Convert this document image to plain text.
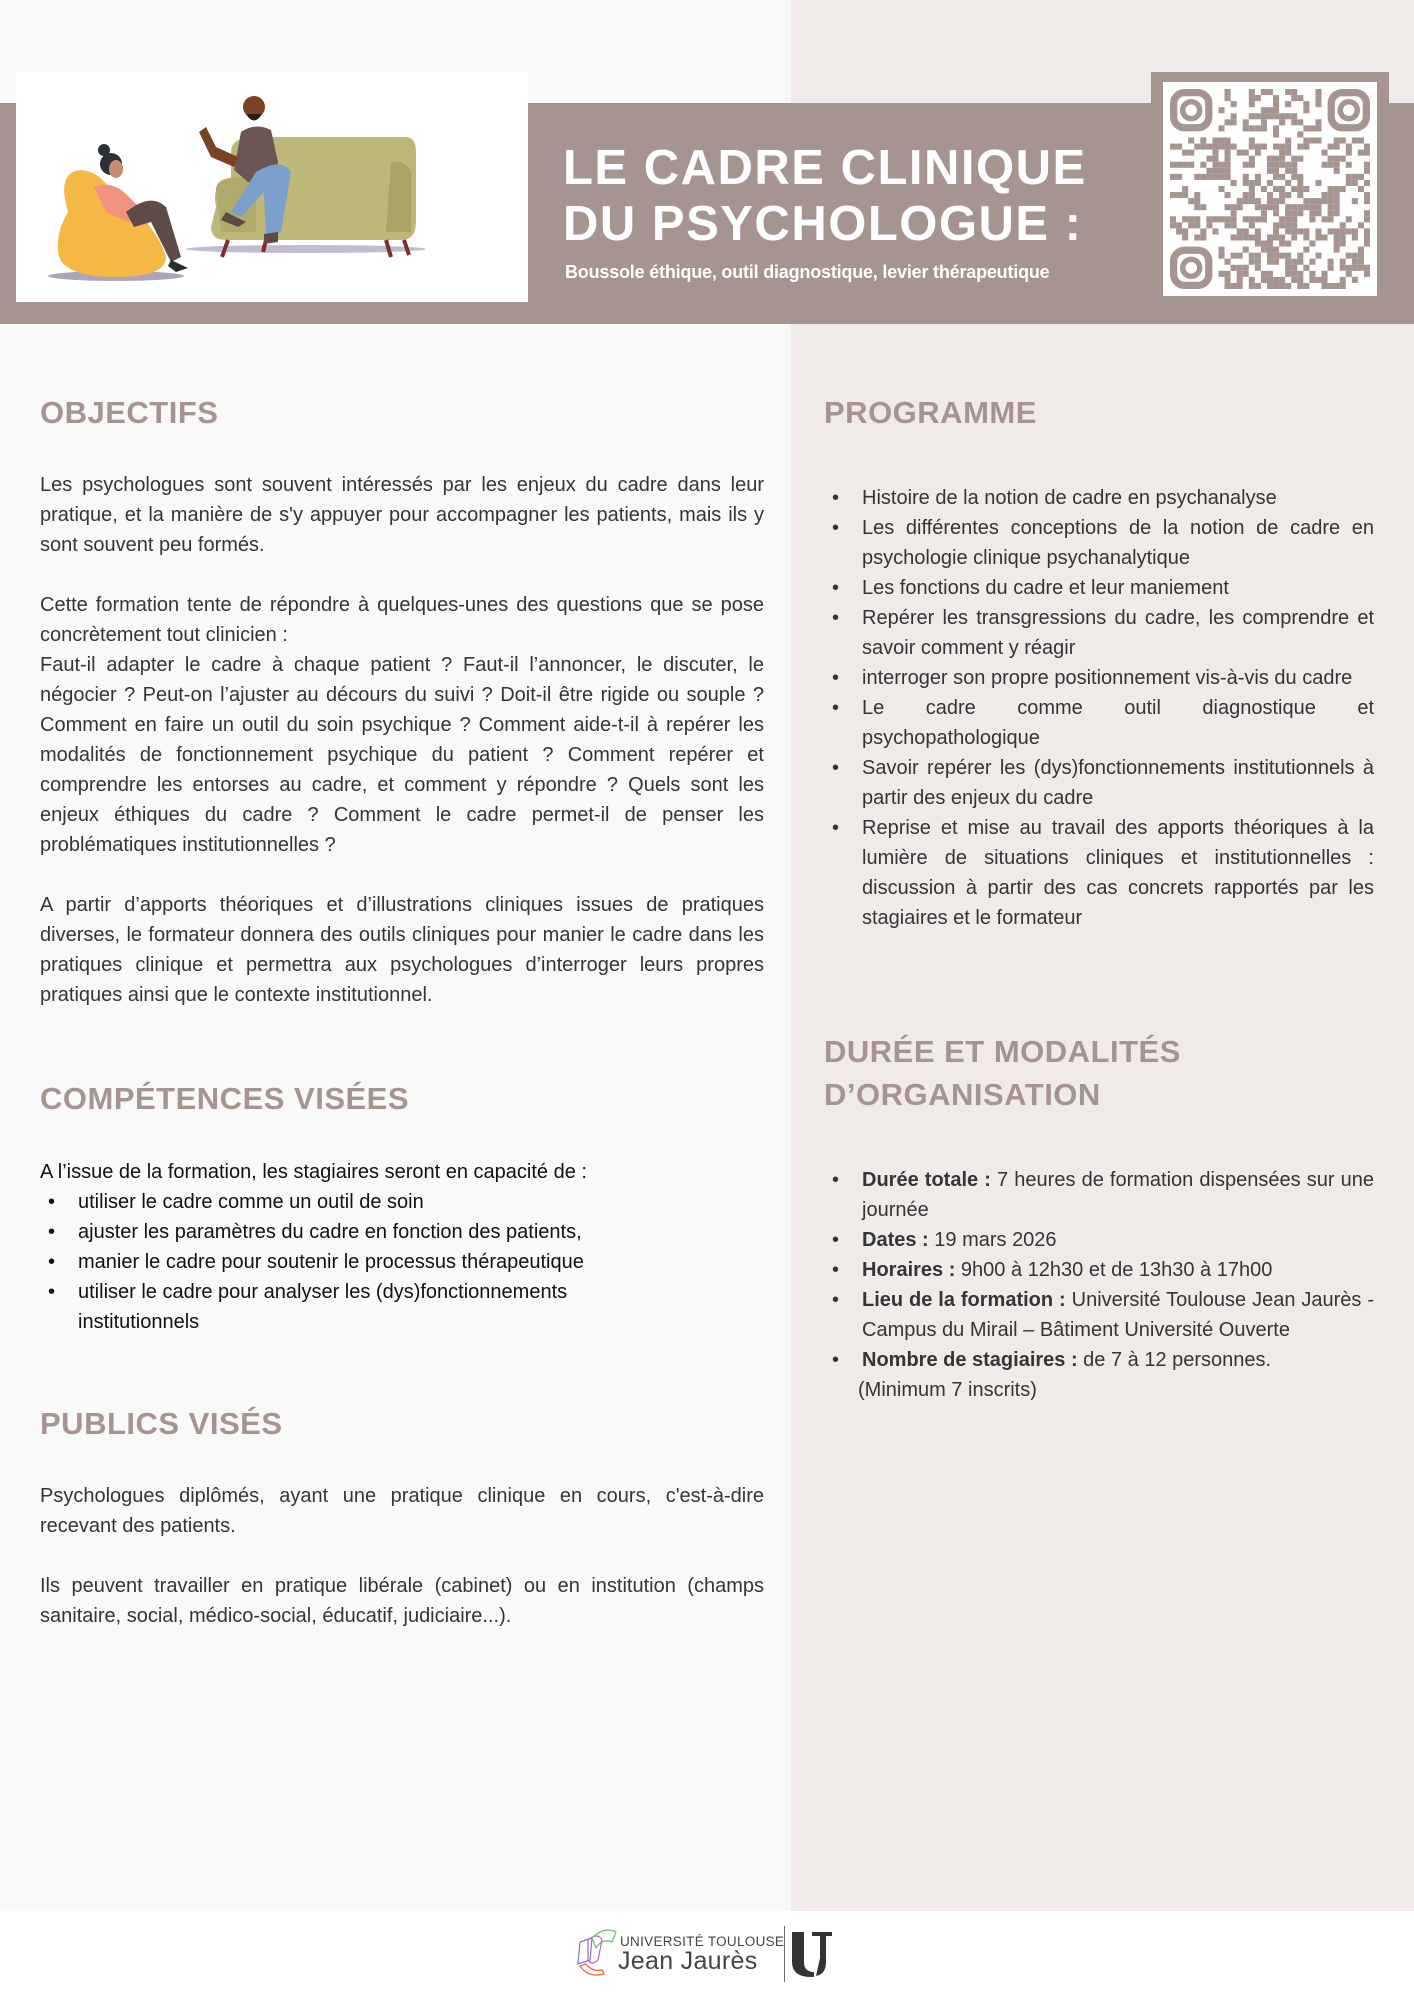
LE CADRE CLINIQUE
DU PSYCHOLOGUE :
Boussole éthique, outil diagnostique, levier thérapeutique
OBJECTIFS

Les psychologues sont souvent intéressés par les enjeux du cadre dans leur pratique, et la manière de s'y appuyer pour accompagner les patients, mais ils y sont souvent peu formés.

Cette formation tente de répondre à quelques-unes des questions que se pose concrètement tout clinicien :

Faut-il adapter le cadre à chaque patient ? Faut-il l’annoncer, le discuter, le négocier ? Peut-on l’ajuster au décours du suivi ? Doit-il être rigide ou souple ? Comment en faire un outil du soin psychique ? Comment aide-t-il à repérer les modalités de fonctionnement psychique du patient ? Comment repérer et comprendre les entorses au cadre, et comment y répondre ? Quels sont les enjeux éthiques du cadre ? Comment le cadre permet-il de penser les problématiques institutionnelles ?

A partir d’apports théoriques et d’illustrations cliniques issues de pratiques diverses, le formateur donnera des outils cliniques pour manier le cadre dans les pratiques clinique et permettra aux psychologues d’interroger leurs propres pratiques ainsi que le contexte institutionnel.

COMPÉTENCES VISÉES
A l’issue de la formation, les stagiaires seront en capacité de :
• utiliser le cadre comme un outil de soin
• ajuster les paramètres du cadre en fonction des patients,
• manier le cadre pour soutenir le processus thérapeutique
• utiliser le cadre pour analyser les (dys)fonctionnements institutionnels
PUBLICS VISÉS

Psychologues diplômés, ayant une pratique clinique en cours, c'est-à-dire recevant des patients.

Ils peuvent travailler en pratique libérale (cabinet) ou en institution (champs sanitaire, social, médico-social, éducatif, judiciaire...).

PROGRAMME
• Histoire de la notion de cadre en psychanalyse
• Les différentes conceptions de la notion de cadre en psychologie clinique psychanalytique
• Les fonctions du cadre et leur maniement
• Repérer les transgressions du cadre, les comprendre et savoir comment y réagir
• interroger son propre positionnement vis-à-vis du cadre
• Le cadre comme outil diagnostique et psychopathologique
• Savoir repérer les (dys)fonctionnements institutionnels à partir des enjeux du cadre
• Reprise et mise au travail des apports théoriques à la lumière de situations cliniques et institutionnelles : discussion à partir des cas concrets rapportés par les stagiaires et le formateur
DURÉE ET MODALITÉS
D’ORGANISATION
• Durée totale : 7 heures de formation dispensées sur une journée
• Dates : 19 mars 2026
• Horaires : 9h00 à 12h30 et de 13h30 à 17h00
• Lieu de la formation : Université Toulouse Jean Jaurès - Campus du Mirail – Bâtiment Université Ouverte
• Nombre de stagiaires : de 7 à 12 personnes.
(Minimum 7 inscrits)
UNIVERSITÉ TOULOUSE
Jean Jaurès
